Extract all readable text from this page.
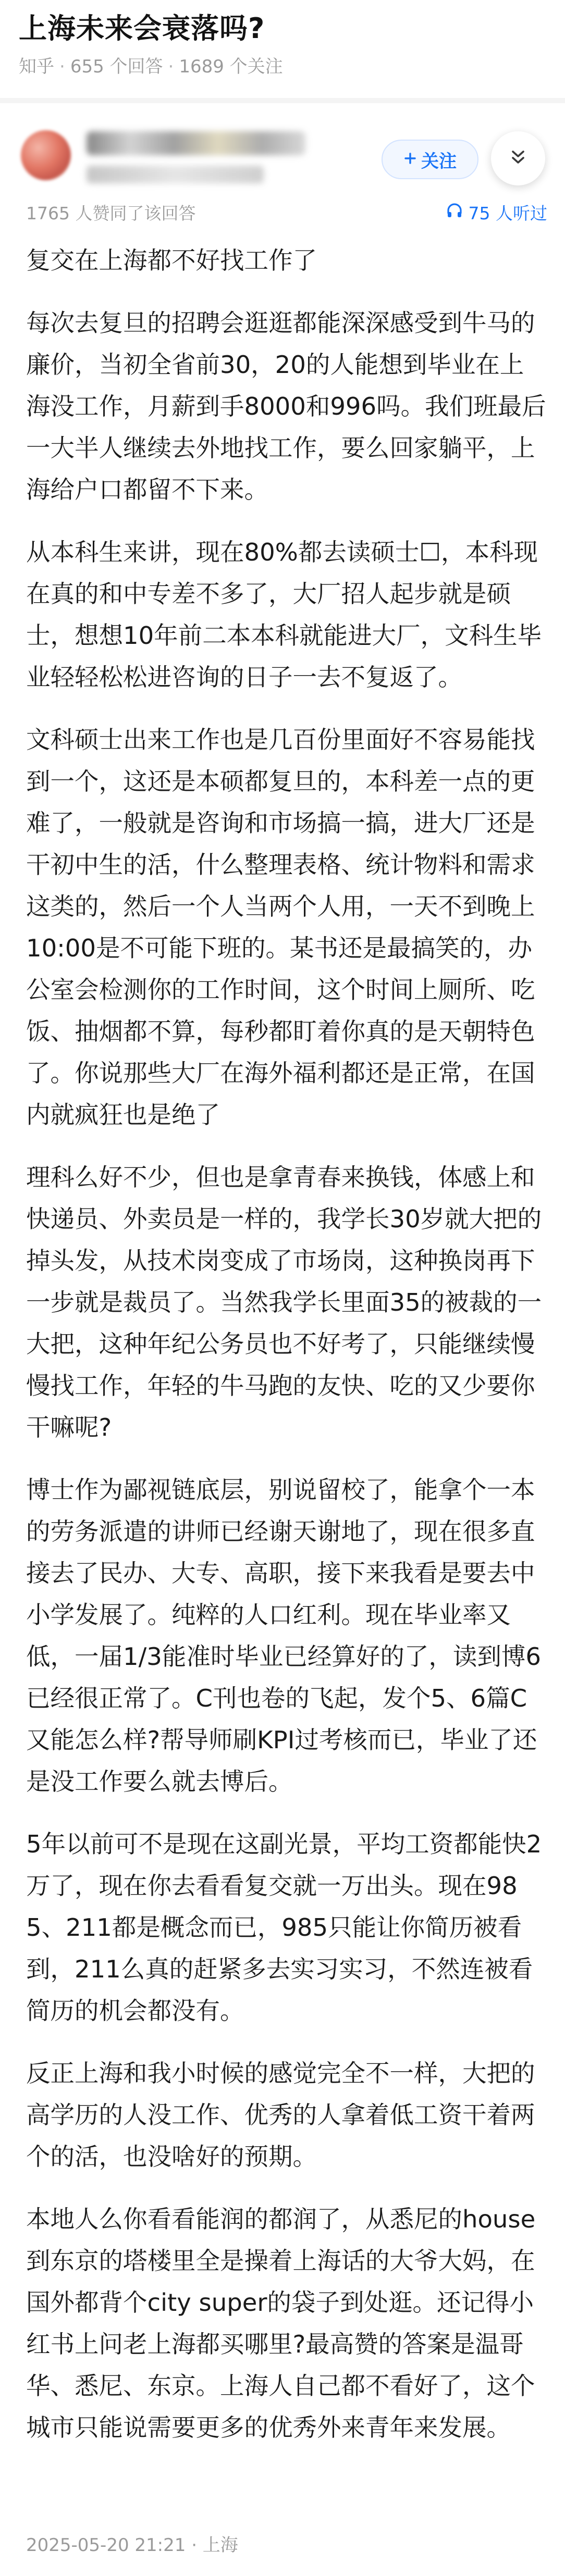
上海未来会衰落吗?
知乎 · 655 个回答 · 1689 个关注
关注
1765 人赞同了该回答	75 人听过

复交在上海都不好找工作了

每次去复旦的招聘会逛逛都能深深感受到牛马的廉价，当初全省前30，20的人能想到毕业在上海没工作，月薪到手8000和996吗。我们班最后一大半人继续去外地找工作，要么回家躺平，上海给户口都留不下来。

从本科生来讲，现在80%都去读硕士☐，本科现在真的和中专差不多了，大厂招人起步就是硕士，想想10年前二本本科就能进大厂，文科生毕业轻轻松松进咨询的日子一去不复返了。

文科硕士出来工作也是几百份里面好不容易能找到一个，这还是本硕都复旦的，本科差一点的更难了，一般就是咨询和市场搞一搞，进大厂还是干初中生的活，什么整理表格、统计物料和需求这类的，然后一个人当两个人用，一天不到晚上10:00是不可能下班的。某书还是最搞笑的，办公室会检测你的工作时间，这个时间上厕所、吃饭、抽烟都不算，每秒都盯着你真的是天朝特色了。你说那些大厂在海外福利都还是正常，在国内就疯狂也是绝了

理科么好不少，但也是拿青春来换钱，体感上和快递员、外卖员是一样的，我学长30岁就大把的掉头发，从技术岗变成了市场岗，这种换岗再下一步就是裁员了。当然我学长里面35的被裁的一大把，这种年纪公务员也不好考了，只能继续慢慢找工作，年轻的牛马跑的友快、吃的又少要你干嘛呢?

博士作为鄙视链底层，别说留校了，能拿个一本的劳务派遣的讲师已经谢天谢地了，现在很多直接去了民办、大专、高职，接下来我看是要去中小学发展了。纯粹的人口红利。现在毕业率又低，一届1/3能准时毕业已经算好的了，读到博6已经很正常了。C刊也卷的飞起，发个5、6篇C又能怎么样?帮导师刷KPI过考核而已，毕业了还是没工作要么就去博后。

5年以前可不是现在这副光景，平均工资都能快2万了，现在你去看看复交就一万出头。现在985、211都是概念而已，985只能让你简历被看到，211么真的赶紧多去实习实习，不然连被看简历的机会都没有。

反正上海和我小时候的感觉完全不一样，大把的高学历的人没工作、优秀的人拿着低工资干着两个的活，也没啥好的预期。

本地人么你看看能润的都润了，从悉尼的house到东京的塔楼里全是操着上海话的大爷大妈，在国外都背个city super的袋子到处逛。还记得小红书上问老上海都买哪里?最高赞的答案是温哥华、悉尼、东京。上海人自己都不看好了，这个城市只能说需要更多的优秀外来青年来发展。

2025-05-20 21:21 · 上海
